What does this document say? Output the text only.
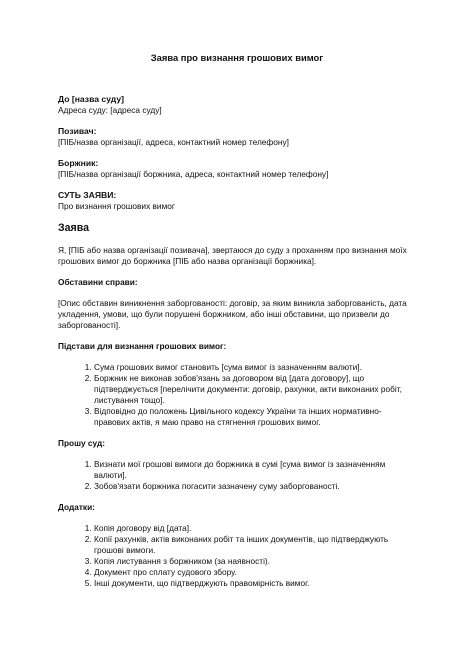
Заява про визнання грошових вимог

До [назва суду]

Адреса суду: [адреса суду]

Позивач:

[ПІБ/назва організації, адреса, контактний номер телефону]

Боржник:

[ПІБ/назва організації боржника, адреса, контактний номер телефону]

СУТЬ ЗАЯВИ:

Про визнання грошових вимог

Заява

Я, [ПІБ або назва організації позивача], звертаюся до суду з проханням про визнання моїх грошових вимог до боржника [ПІБ або назва організації боржника].

Обставини справи:

[Опис обставин виникнення заборгованості: договір, за яким виникла заборгованість, дата укладення, умови, що були порушені боржником, або інші обставини, що призвели до заборгованості].

Підстави для визнання грошових вимог:

1. Сума грошових вимог становить [сума вимог із зазначенням валюти].
2. Боржник не виконав зобов'язань за договором від [дата договору], що підтверджується [перелічити документи: договір, рахунки, акти виконаних робіт, листування тощо].
3. Відповідно до положень Цивільного кодексу України та інших нормативно-правових актів, я маю право на стягнення грошових вимог.

Прошу суд:

1. Визнати мої грошові вимоги до боржника в сумі [сума вимог із зазначенням валюти].
2. Зобов'язати боржника погасити зазначену суму заборгованості.

Додатки:

1. Копія договору від [дата].
2. Копії рахунків, актів виконаних робіт та інших документів, що підтверджують грошові вимоги.
3. Копія листування з боржником (за наявності).
4. Документ про сплату судового збору.
5. Інші документи, що підтверджують правомірність вимог.
